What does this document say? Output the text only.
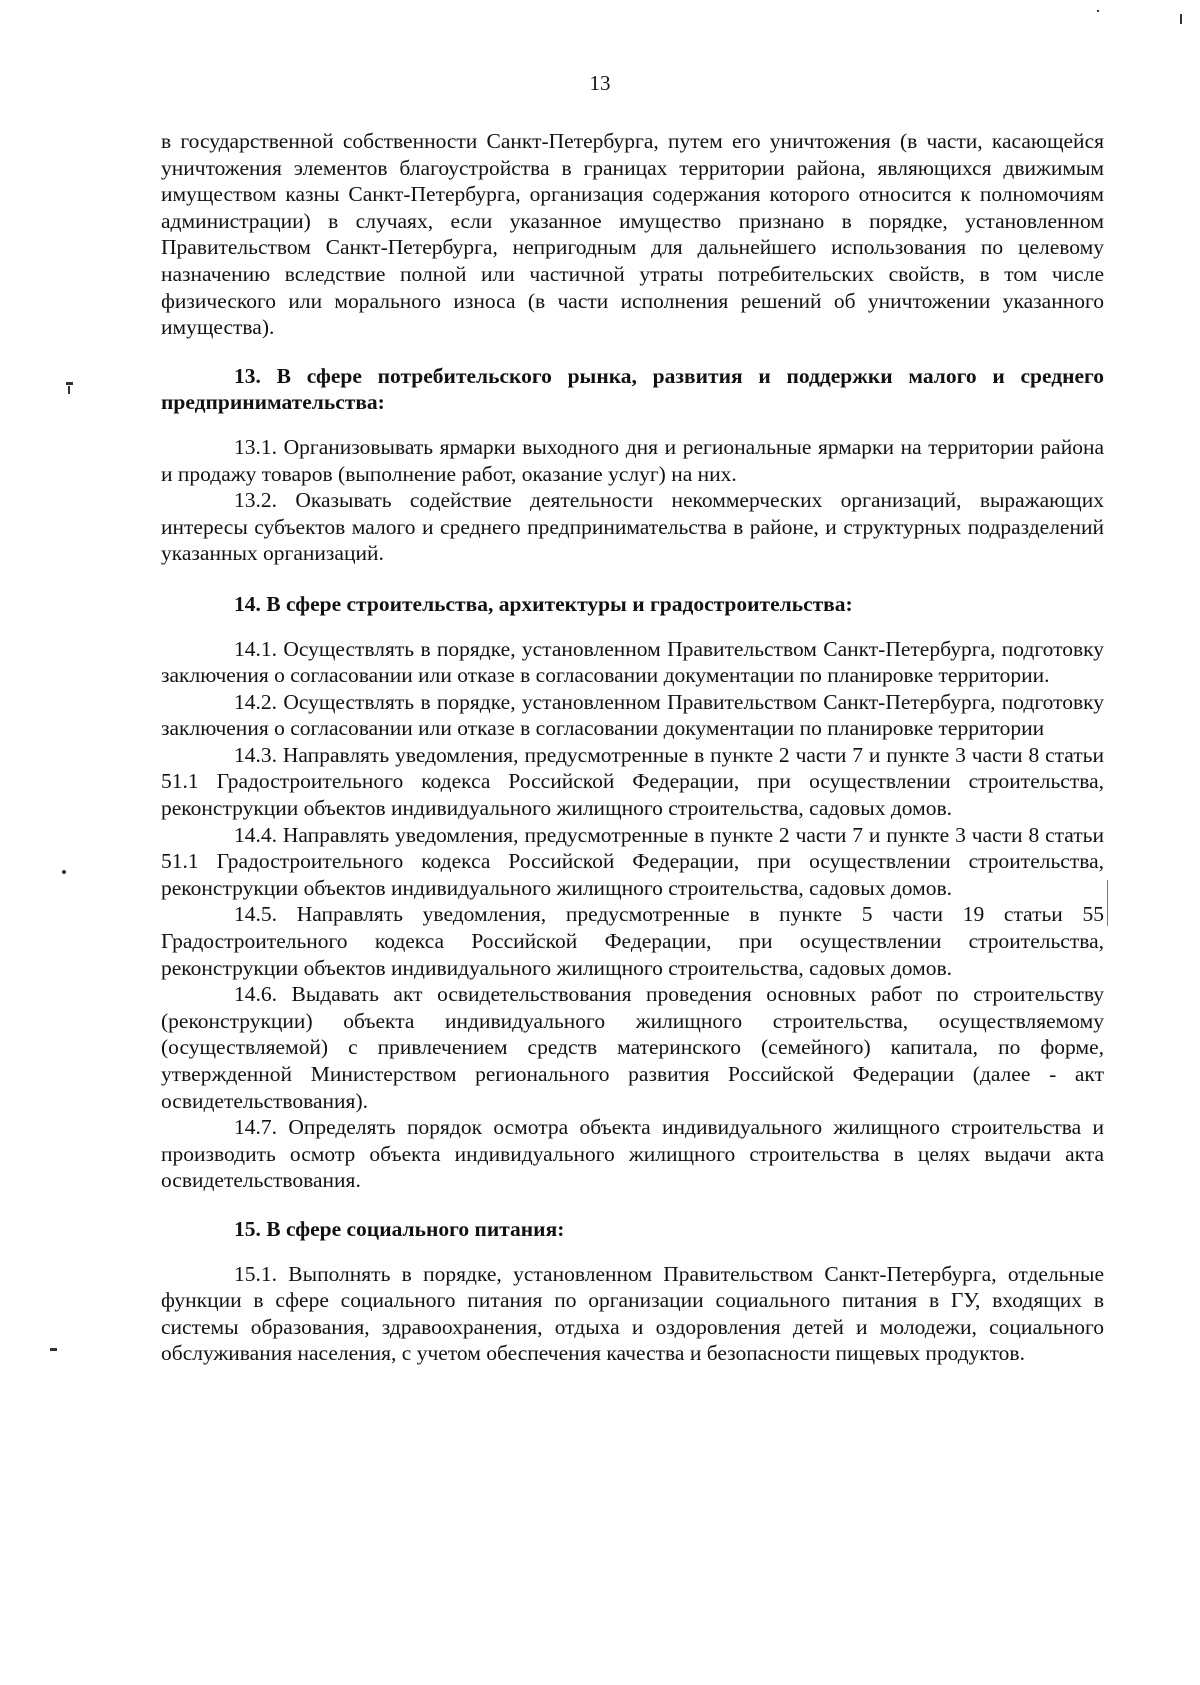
13

в государственной собственности Санкт-Петербурга, путем его уничтожения (в части, касающейся уничтожения элементов благоустройства в границах территории района, являющихся движимым имуществом казны Санкт-Петербурга, организация содержания которого относится к полномочиям администрации) в случаях, если указанное имущество признано в порядке, установленном Правительством Санкт-Петербурга, непригодным для дальнейшего использования по целевому назначению вследствие полной или частичной утраты потребительских свойств, в том числе физического или морального износа (в части исполнения решений об уничтожении указанного имущества).

13. В сфере потребительского рынка, развития и поддержки малого и среднего предпринимательства:

13.1. Организовывать ярмарки выходного дня и региональные ярмарки на территории района и продажу товаров (выполнение работ, оказание услуг) на них.

13.2. Оказывать содействие деятельности некоммерческих организаций, выражающих интересы субъектов малого и среднего предпринимательства в районе, и структурных подразделений указанных организаций.

14. В сфере строительства, архитектуры и градостроительства:

14.1. Осуществлять в порядке, установленном Правительством Санкт-Петербурга, подготовку заключения о согласовании или отказе в согласовании документации по планировке территории.

14.2. Осуществлять в порядке, установленном Правительством Санкт-Петербурга, подготовку заключения о согласовании или отказе в согласовании документации по планировке территории

14.3. Направлять уведомления, предусмотренные в пункте 2 части 7 и пункте 3 части 8 статьи 51.1 Градостроительного кодекса Российской Федерации, при осуществлении строительства, реконструкции объектов индивидуального жилищного строительства, садовых домов.

14.4. Направлять уведомления, предусмотренные в пункте 2 части 7 и пункте 3 части 8 статьи 51.1 Градостроительного кодекса Российской Федерации, при осуществлении строительства, реконструкции объектов индивидуального жилищного строительства, садовых домов.

14.5. Направлять уведомления, предусмотренные в пункте 5 части 19 статьи 55 Градостроительного кодекса Российской Федерации, при осуществлении строительства, реконструкции объектов индивидуального жилищного строительства, садовых домов.

14.6. Выдавать акт освидетельствования проведения основных работ по строительству (реконструкции) объекта индивидуального жилищного строительства, осуществляемому (осуществляемой) с привлечением средств материнского (семейного) капитала, по форме, утвержденной Министерством регионального развития Российской Федерации (далее - акт освидетельствования).

14.7. Определять порядок осмотра объекта индивидуального жилищного строительства и производить осмотр объекта индивидуального жилищного строительства в целях выдачи акта освидетельствования.

15. В сфере социального питания:

15.1. Выполнять в порядке, установленном Правительством Санкт-Петербурга, отдельные функции в сфере социального питания по организации социального питания в ГУ, входящих в системы образования, здравоохранения, отдыха и оздоровления детей и молодежи, социального обслуживания населения, с учетом обеспечения качества и безопасности пищевых продуктов.
